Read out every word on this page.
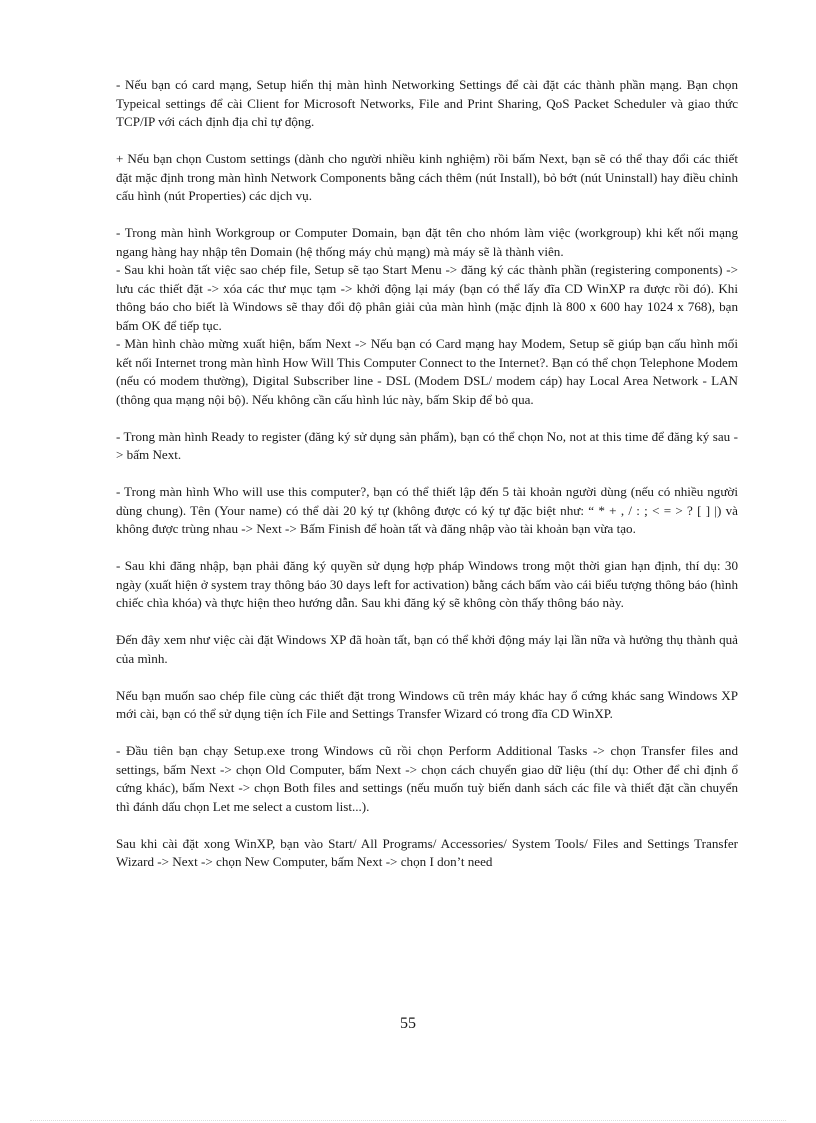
- Nếu bạn có card mạng, Setup hiển thị màn hình Networking Settings để cài đặt các thành phần mạng. Bạn chọn Typeical settings để cài Client for Microsoft Networks, File and Print Sharing, QoS Packet Scheduler và giao thức TCP/IP với cách định địa chỉ tự động.

+ Nếu bạn chọn Custom settings (dành cho người nhiều kinh nghiệm) rồi bấm Next, bạn sẽ có thể thay đổi các thiết đặt mặc định trong màn hình Network Components bằng cách thêm (nút Install), bỏ bớt (nút Uninstall) hay điều chỉnh cấu hình (nút Properties) các dịch vụ.

- Trong màn hình Workgroup or Computer Domain, bạn đặt tên cho nhóm làm việc (workgroup) khi kết nối mạng ngang hàng hay nhập tên Domain (hệ thống máy chủ mạng) mà máy sẽ là thành viên.

- Sau khi hoàn tất việc sao chép file, Setup sẽ tạo Start Menu -> đăng ký các thành phần (registering components) -> lưu các thiết đặt -> xóa các thư mục tạm -> khởi động lại máy (bạn có thể lấy đĩa CD WinXP ra được rồi đó). Khi thông báo cho biết là Windows sẽ thay đổi độ phân giải của màn hình (mặc định là 800 x 600 hay 1024 x 768), bạn bấm OK để tiếp tục.

- Màn hình chào mừng xuất hiện, bấm Next -> Nếu bạn có Card mạng hay Modem, Setup sẽ giúp bạn cấu hình mối kết nối Internet trong màn hình How Will This Computer Connect to the Internet?. Bạn có thể chọn Telephone Modem (nếu có modem thường), Digital Subscriber line - DSL (Modem DSL/ modem cáp) hay Local Area Network - LAN (thông qua mạng nội bộ). Nếu không cần cấu hình lúc này, bấm Skip để bỏ qua.

- Trong màn hình Ready to register (đăng ký sử dụng sản phẩm), bạn có thể chọn No, not at this time để đăng ký sau -> bấm Next.

- Trong màn hình Who will use this computer?, bạn có thể thiết lập đến 5 tài khoản người dùng (nếu có nhiều người dùng chung). Tên (Your name) có thể dài 20 ký tự (không được có ký tự đặc biệt như: “ * + , / : ; < = > ? [ ] |) và không được trùng nhau -> Next -> Bấm Finish để hoàn tất và đăng nhập vào tài khoản bạn vừa tạo.

- Sau khi đăng nhập, bạn phải đăng ký quyền sử dụng hợp pháp Windows trong một thời gian hạn định, thí dụ: 30 ngày (xuất hiện ở system tray thông báo 30 days left for activation) bằng cách bấm vào cái biểu tượng thông báo (hình chiếc chìa khóa) và thực hiện theo hướng dẫn. Sau khi đăng ký sẽ không còn thấy thông báo này.

Đến đây xem như việc cài đặt Windows XP đã hoàn tất, bạn có thể khởi động máy lại lần nữa và hưởng thụ thành quả của mình.

Nếu bạn muốn sao chép file cùng các thiết đặt trong Windows cũ trên máy khác hay ổ cứng khác sang Windows XP mới cài, bạn có thể sử dụng tiện ích File and Settings Transfer Wizard có trong đĩa CD WinXP.

- Đầu tiên bạn chạy Setup.exe trong Windows cũ rồi chọn Perform Additional Tasks -> chọn Transfer files and settings, bấm Next -> chọn Old Computer, bấm Next -> chọn cách chuyển giao dữ liệu (thí dụ: Other để chỉ định ổ cứng khác), bấm Next -> chọn Both files and settings (nếu muốn tuỳ biến danh sách các file và thiết đặt cần chuyển thì đánh dấu chọn Let me select a custom list...).

Sau khi cài đặt xong WinXP, bạn vào Start/ All Programs/ Accessories/ System Tools/ Files and Settings Transfer Wizard -> Next -> chọn New Computer, bấm Next -> chọn I don’t need

55
